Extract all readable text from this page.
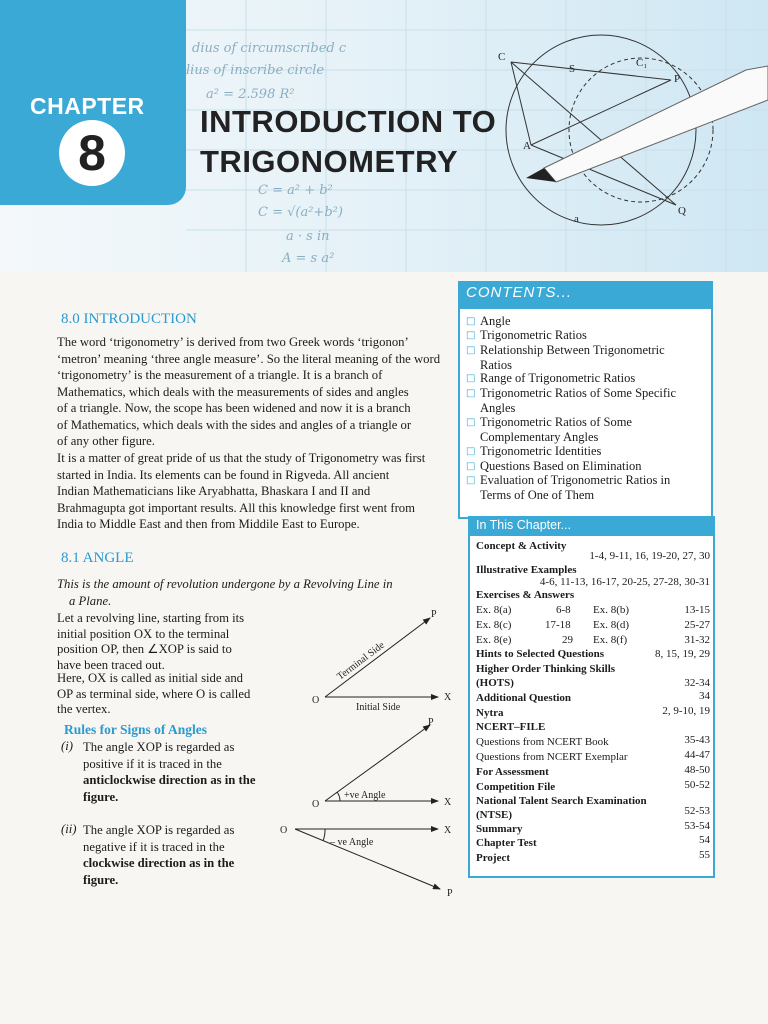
C
S	C₁
P
A
Q
a
dius of circumscribed c
lius of inscribe circle
a² = 2.598 R²
C = a² + b²
C = √(a²+b²)
a · s in
A = s a²
CHAPTER
8
INTRODUCTION TO
TRIGONOMETRY
CONTENTS...
□ Angle
□ Trigonometric Ratios
□ Relationship Between Trigonometric
Ratios
□ Range of Trigonometric Ratios
□ Trigonometric Ratios of Some Specific
Angles
□ Trigonometric Ratios of Some
Complementary Angles
□ Trigonometric Identities
□ Questions Based on Elimination
□ Evaluation of Trigonometric Ratios in
Terms of One of Them
In This Chapter...
Concept & Activity
1-4, 9-11, 16, 19-20, 27, 30
Illustrative Examples
4-6, 11-13, 16-17, 20-25, 27-28, 30-31
Exercises & Answers
Ex. 8(a)	6-8 Ex. 8(b)	13-15
Ex. 8(c)	17-18 Ex. 8(d)	25-27
Ex. 8(e)	29 Ex. 8(f)	31-32
Hints to Selected Questions	8, 15, 19, 29
Higher Order Thinking Skills
(HOTS)	32-34
Additional Question	34
Nytra	2, 9-10, 19
NCERT–FILE
Questions from NCERT Book	35-43
Questions from NCERT Exemplar	44-47
For Assessment	48-50
Competition File	50-52
National Talent Search Examination
(NTSE)	52-53
Summary	53-54
Chapter Test	54
Project	55
8.0 INTRODUCTION
The word ‘trigonometry’ is derived from two Greek words ‘trigonon’
‘metron’ meaning ‘three angle measure’. So the literal meaning of the word
‘trigonometry’ is the measurement of a triangle. It is a branch of
Mathematics, which deals with the measurements of sides and angles
of a triangle. Now, the scope has been widened and now it is a branch
of Mathematics, which deals with the sides and angles of a triangle or
of any other figure.
It is a matter of great pride of us that the study of Trigonometry was first
started in India. Its elements can be found in Rigveda. All ancient
Indian Mathematicians like Aryabhatta, Bhaskara I and II and
Brahmagupta got important results. All this knowledge first went from
India to Middle East and then from Middile East to Europe.
8.1 ANGLE
This is the amount of revolution undergone by a Revolving Line in
a Plane.
Let a revolving line, starting from its
initial position OX to the terminal
position OP, then ∠XOP is said to
have been traced out.
Here, OX is called as initial side and
OP as terminal side, where O is called
the vertex.
Rules for Signs of Angles
(i) The angle XOP is regarded as
positive if it is traced in the
anticlockwise direction as in the
figure.
(ii) The angle XOP is regarded as
negative if it is traced in the
clockwise direction as in the
figure.
O	X
P
Initial Side
Terminal Side
O	X
P
+ve Angle
O	X
P
– ve Angle
